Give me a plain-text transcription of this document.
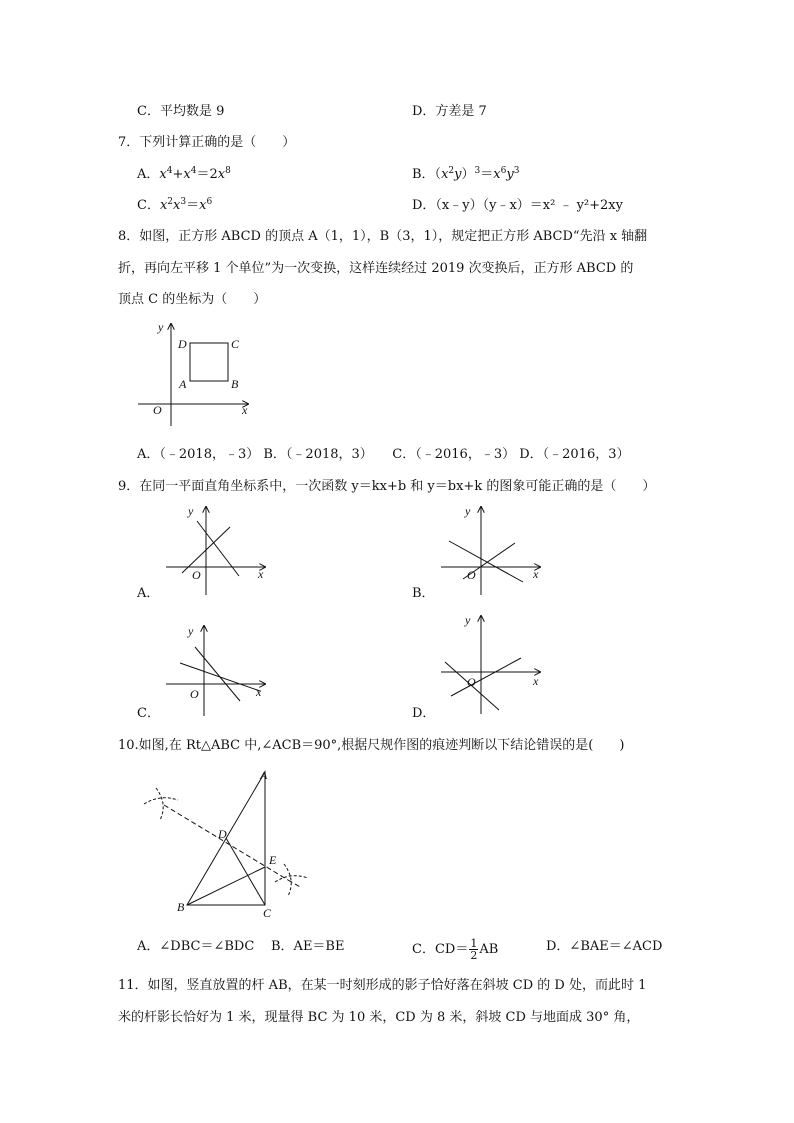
C．平均数是 9	D．方差是 7
7．下列计算正确的是（　　）
A．$x^4+x^4=2x^8$	B．$(x^2y)^3=x^6y^3$
C．$x^2x^3=x^6$	D．（x﹣y）（y﹣x）＝x² ﹣ y²+2xy
8．如图，正方形 ABCD 的顶点 A（1，1），B（3，1），规定把正方形 ABCD“先沿 x 轴翻
折，再向左平移 1 个单位”为一次变换，这样连续经过 2019 次变换后，正方形 ABCD 的
顶点 C 的坐标为（　　）
y
x
O
A	B
C
D
A．（﹣2018，﹣3） B．（﹣2018，3）　　C．（﹣2016，﹣3） D．（﹣2016，3）
9．在同一平面直角坐标系中，一次函数 y＝kx+b 和 y＝bx+k 的图象可能正确的是（　　）
y
x
O
A．
y
x
O
B．
y
x
O
C．
y
x
O
D．
10.如图,在 Rt△ABC 中,∠ACB＝90°,根据尺规作图的痕迹判断以下结论错误的是(　　)
A
B	C
D
E
A．∠DBC＝∠BDC B．AE＝BE	C．$CD= \frac{1}{2}$ AB	D．∠BAE＝∠ACD
11．如图，竖直放置的杆 AB，在某一时刻形成的影子恰好落在斜坡 CD 的 D 处，而此时 1
米的杆影长恰好为 1 米，现量得 BC 为 10 米，CD 为 8 米，斜坡 CD 与地面成 30° 角，
